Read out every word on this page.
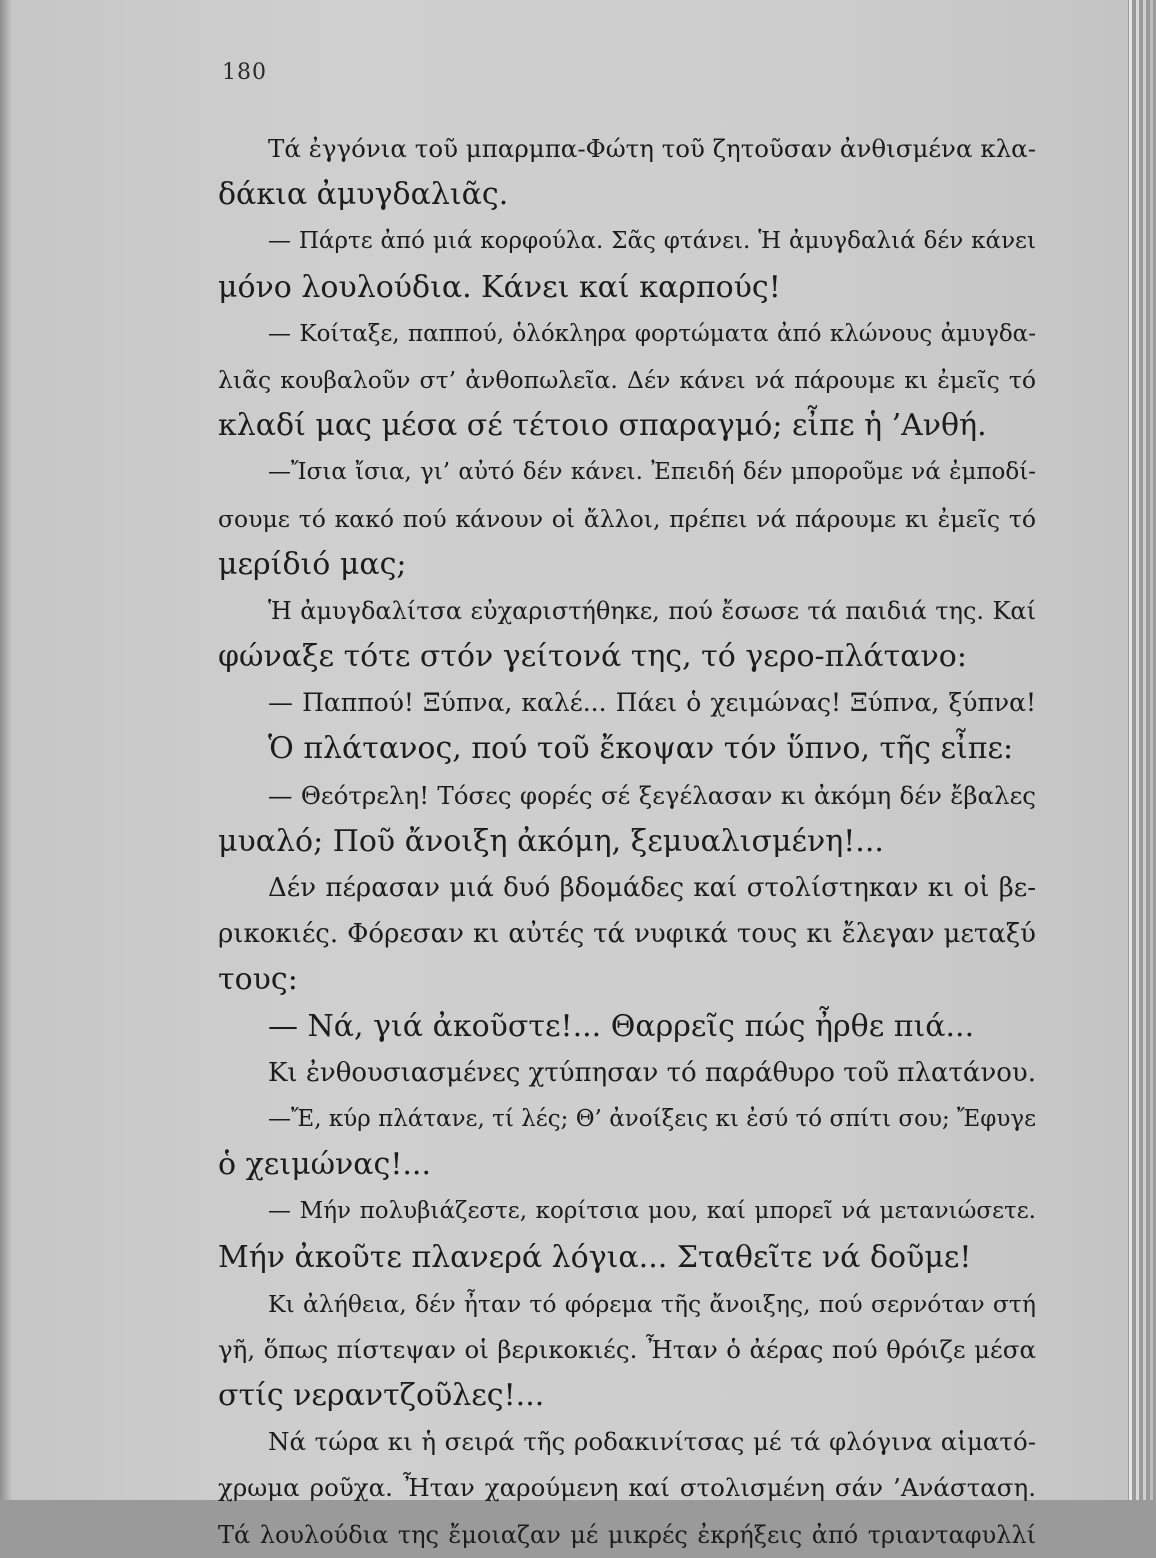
180
Τά ἐγγόνια τοῦ μπαρμπα-Φώτη τοῦ ζητοῦσαν ἀνθισμένα κλα-
δάκια ἀμυγδαλιᾶς.
— Πάρτε ἀπό μιά κορφούλα. Σᾶς φτάνει. Ἡ ἀμυγδαλιά δέν κάνει
μόνο λουλούδια. Κάνει καί καρπούς!
— Κοίταξε, παππού, ὁλόκληρα φορτώματα ἀπό κλώνους ἀμυγδα-
λιᾶς κουβαλοῦν στ’ ἀνθοπωλεῖα. Δέν κάνει νά πάρουμε κι ἐμεῖς τό
κλαδί μας μέσα σέ τέτοιο σπαραγμό; εἶπε ἡ ’Ανθή.
—Ἴσια ἴσια, γι’ αὐτό δέν κάνει. Ἐπειδή δέν μποροῦμε νά ἐμποδί-
σουμε τό κακό πού κάνουν οἱ ἄλλοι, πρέπει νά πάρουμε κι ἐμεῖς τό
μερίδιό μας;
Ἡ ἀμυγδαλίτσα εὐχαριστήθηκε, πού ἔσωσε τά παιδιά της. Καί
φώναξε τότε στόν γείτονά της, τό γερο-πλάτανο:
— Παππού! Ξύπνα, καλέ... Πάει ὁ χειμώνας! Ξύπνα, ξύπνα!
Ὁ πλάτανος, πού τοῦ ἔκοψαν τόν ὕπνο, τῆς εἶπε:
— Θεότρελη! Τόσες φορές σέ ξεγέλασαν κι ἀκόμη δέν ἔβαλες
μυαλό; Ποῦ ἄνοιξη ἀκόμη, ξεμυαλισμένη!...
Δέν πέρασαν μιά δυό βδομάδες καί στολίστηκαν κι οἱ βε-
ρικοκιές. Φόρεσαν κι αὐτές τά νυφικά τους κι ἔλεγαν μεταξύ
τους:
— Νά, γιά ἀκοῦστε!... Θαρρεῖς πώς ἦρθε πιά...
Κι ἐνθουσιασμένες χτύπησαν τό παράθυρο τοῦ πλατάνου.
—Ἔ, κύρ πλάτανε, τί λές; Θ’ ἀνοίξεις κι ἐσύ τό σπίτι σου; Ἔφυγε
ὁ χειμώνας!...
— Μήν πολυβιάζεστε, κορίτσια μου, καί μπορεῖ νά μετανιώσετε.
Μήν ἀκοῦτε πλανερά λόγια... Σταθεῖτε νά δοῦμε!
Κι ἀλήθεια, δέν ἦταν τό φόρεμα τῆς ἄνοιξης, πού σερνόταν στή
γῆ, ὅπως πίστεψαν οἱ βερικοκιές. Ἦταν ὁ ἀέρας πού θρόιζε μέσα
στίς νεραντζοῦλες!...
Νά τώρα κι ἡ σειρά τῆς ροδακινίτσας μέ τά φλόγινα αἱματό-
χρωμα ροῦχα. Ἦταν χαρούμενη καί στολισμένη σάν ’Ανάσταση.
Τά λουλούδια της ἔμοιαζαν μέ μικρές ἐκρήξεις ἀπό τριανταφυλλί
